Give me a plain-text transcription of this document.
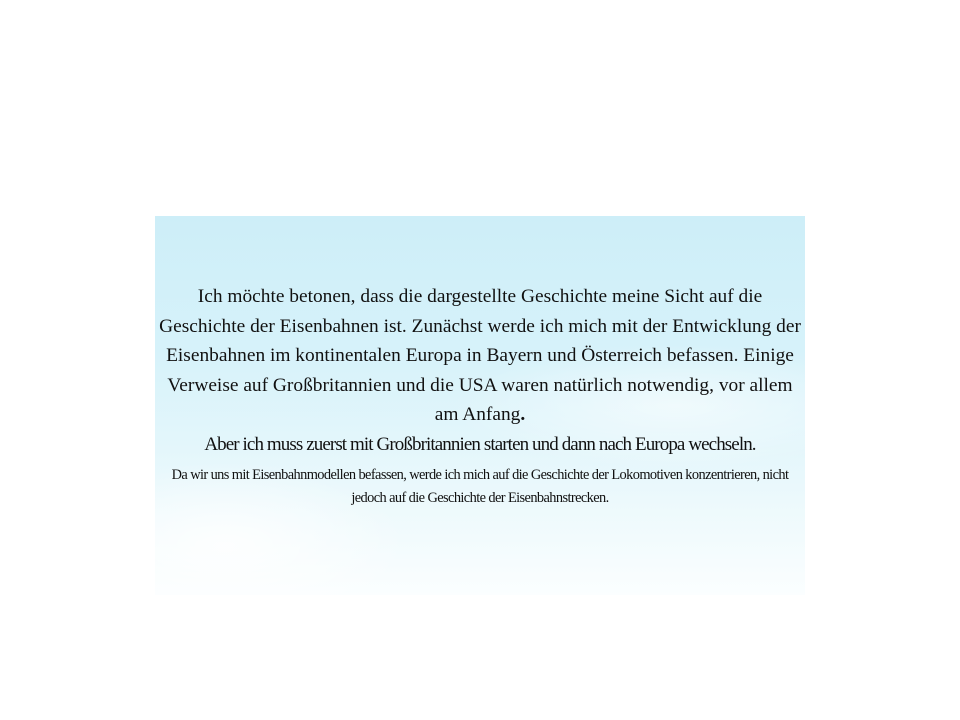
Ich möchte betonen, dass die dargestellte Geschichte meine Sicht auf die Geschichte der Eisenbahnen ist. Zunächst werde ich mich mit der Entwicklung der Eisenbahnen im kontinentalen Europa in Bayern und Österreich befassen. Einige Verweise auf Großbritannien und die USA waren natürlich notwendig, vor allem am Anfang.

Aber ich muss zuerst mit Großbritannien starten und dann nach Europa wechseln.

Da wir uns mit Eisenbahnmodellen befassen, werde ich mich auf die Geschichte der Lokomotiven konzentrieren, nicht jedoch auf die Geschichte der Eisenbahnstrecken.
